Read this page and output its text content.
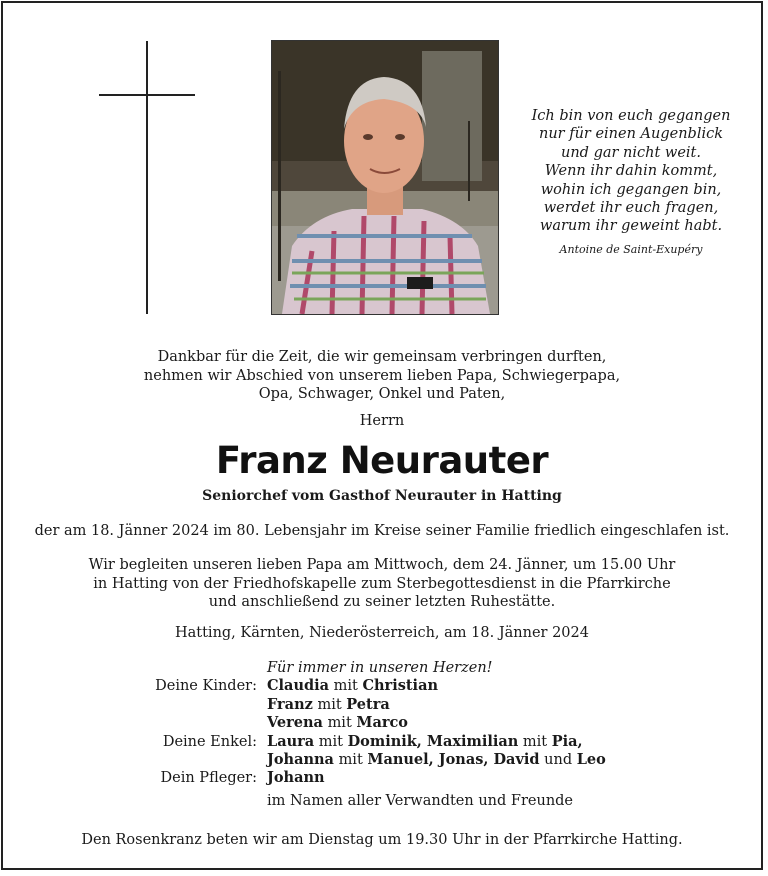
Ich bin von euch gegangen
nur für einen Augenblick
und gar nicht weit.
Wenn ihr dahin kommt,
wohin ich gegangen bin,
werdet ihr euch fragen,
warum ihr geweint habt.
Antoine de Saint-Exupéry
Dankbar für die Zeit, die wir gemeinsam verbringen durften,
nehmen wir Abschied von unserem lieben Papa, Schwiegerpapa,
Opa, Schwager, Onkel und Paten,
Herrn
Franz Neurauter
Seniorchef vom Gasthof Neurauter in Hatting
der am 18. Jänner 2024 im 80. Lebensjahr im Kreise seiner Familie friedlich eingeschlafen ist.
Wir begleiten unseren lieben Papa am Mittwoch, dem 24. Jänner, um 15.00 Uhr
in Hatting von der Friedhofskapelle zum Sterbegottesdienst in die Pfarrkirche
und anschließend zu seiner letzten Ruhestätte.
Hatting, Kärnten, Niederösterreich, am 18. Jänner 2024
Für immer in unseren Herzen!
Deine Kinder: Claudia mit Christian
Franz mit Petra
Verena mit Marco
Deine Enkel: Laura mit Dominik, Maximilian mit Pia,
Johanna mit Manuel, Jonas, David und Leo
Dein Pfleger: Johann
im Namen aller Verwandten und Freunde
Den Rosenkranz beten wir am Dienstag um 19.30 Uhr in der Pfarrkirche Hatting.
